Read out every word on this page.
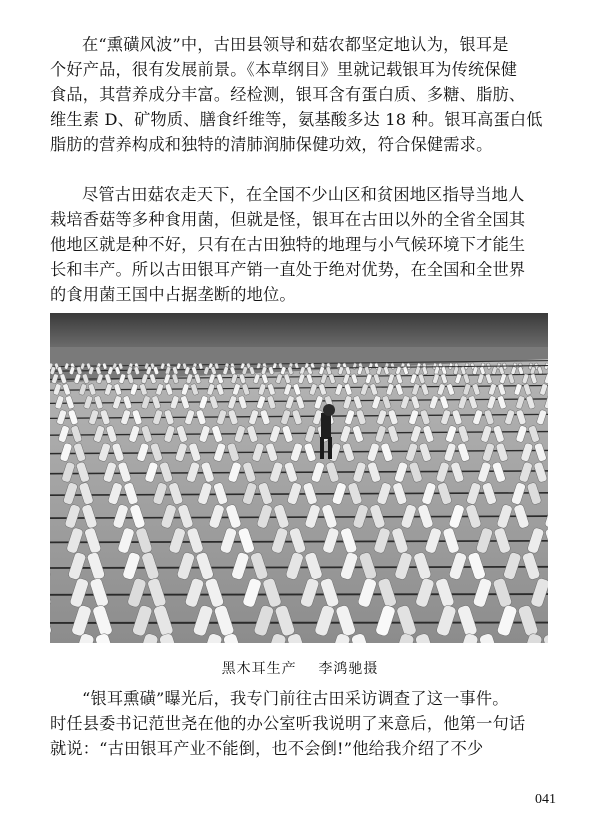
在“熏磺风波”中，古田县领导和菇农都坚定地认为，银耳是
个好产品，很有发展前景。《本草纲目》里就记载银耳为传统保健
食品，其营养成分丰富。经检测，银耳含有蛋白质、多糖、脂肪、
维生素 D、矿物质、膳食纤维等，氨基酸多达 18 种。银耳高蛋白低
脂肪的营养构成和独特的清肺润肺保健功效，符合保健需求。

尽管古田菇农走天下，在全国不少山区和贫困地区指导当地人
栽培香菇等多种食用菌，但就是怪，银耳在古田以外的全省全国其
他地区就是种不好，只有在古田独特的地理与小气候环境下才能生
长和丰产。所以古田银耳产销一直处于绝对优势，在全国和全世界
的食用菌王国中占据垄断的地位。

黑木耳生产 李鸿驰摄

“银耳熏磺”曝光后，我专门前往古田采访调查了这一事件。
时任县委书记范世尧在他的办公室听我说明了来意后，他第一句话
就说：“古田银耳产业不能倒，也不会倒!”他给我介绍了不少

041
